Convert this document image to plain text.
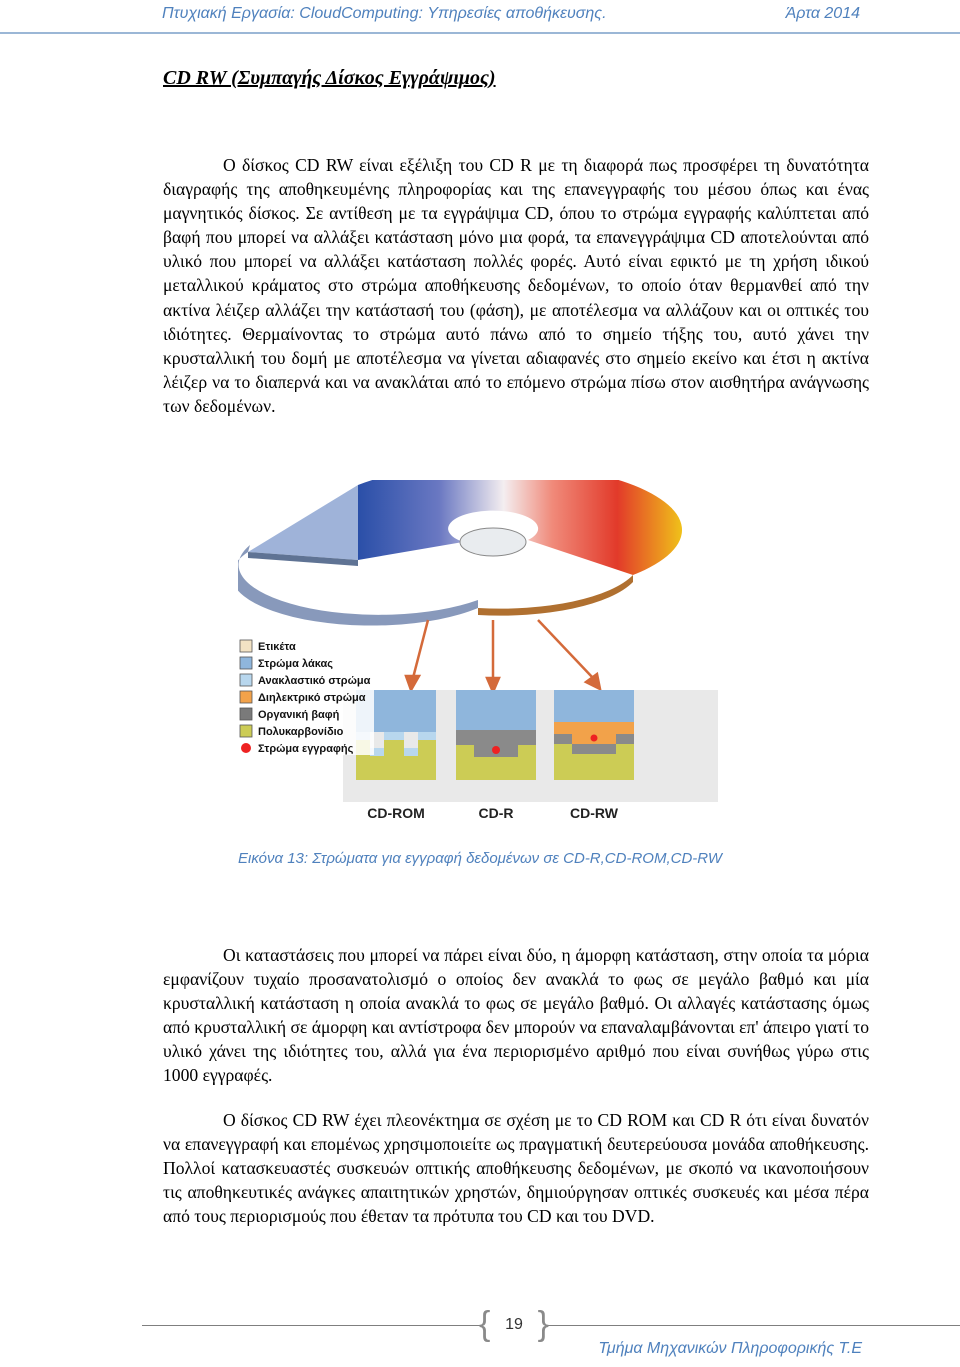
Πτυχιακή Εργασία: CloudComputing: Υπηρεσίες αποθήκευσης.	Άρτα 2014
CD RW (Συμπαγής Δίσκος Εγγράψιμος)

Ο δίσκος CD RW είναι εξέλιξη του CD R με τη διαφορά πως προσφέρει τη δυνατότητα διαγραφής της αποθηκευμένης πληροφορίας και της επανεγγραφής του μέσου όπως και ένας μαγνητικός δίσκος. Σε αντίθεση με τα εγγράψιμα CD, όπου το στρώμα εγγραφής καλύπτεται από βαφή που μπορεί να αλλάξει κατάσταση μόνο μια φορά, τα επανεγγράψιμα CD αποτελούνται από υλικό που μπορεί να αλλάξει κατάσταση πολλές φορές. Αυτό είναι εφικτό με τη χρήση ιδικού μεταλλικού κράματος στο στρώμα αποθήκευσης δεδομένων, το οποίο όταν θερμανθεί από την ακτίνα λέιζερ αλλάζει την κατάστασή του (φάση), με αποτέλεσμα να αλλάζουν και οι οπτικές του ιδιότητες. Θερμαίνοντας το στρώμα αυτό πάνω από το σημείο τήξης του, αυτό χάνει την κρυσταλλική του δομή με αποτέλεσμα να γίνεται αδιαφανές στο σημείο εκείνο και έτσι η ακτίνα λέιζερ να το διαπερνά και να ανακλάται από το επόμενο στρώμα πίσω στον αισθητήρα ανάγνωσης των δεδομένων.

Ετικέτα
Στρώμα λάκας
Ανακλαστικό στρώμα
Διηλεκτρικό στρώμα
Οργανική βαφή
Πολυκαρβονίδιο
Στρώμα εγγραφής
CD-ROM	CD-R	CD-RW
Εικόνα 13: Στρώματα για εγγραφή δεδομένων σε CD-R,CD-ROM,CD-RW

Οι καταστάσεις που μπορεί να πάρει είναι δύο, η άμορφη κατάσταση, στην οποία τα μόρια εμφανίζουν τυχαίο προσανατολισμό ο οποίος δεν ανακλά το φως σε μεγάλο βαθμό και μία κρυσταλλική κατάσταση η οποία ανακλά το φως σε μεγάλο βαθμό. Οι αλλαγές κατάστασης όμως από κρυσταλλική σε άμορφη και αντίστροφα δεν μπορούν να επαναλαμβάνονται επ' άπειρο γιατί το υλικό χάνει της ιδιότητες του, αλλά για ένα περιορισμένο αριθμό που είναι συνήθως γύρω στις 1000 εγγραφές.

Ο δίσκος CD RW έχει πλεονέκτημα σε σχέση με το CD ROM και CD R ότι είναι δυνατόν να επανεγγραφή και επομένως χρησιμοποιείτε ως πραγματική δευτερεύουσα μονάδα αποθήκευσης. Πολλοί κατασκευαστές συσκευών οπτικής αποθήκευσης δεδομένων, με σκοπό να ικανοποιήσουν τις αποθηκευτικές ανάγκες απαιτητικών χρηστών, δημιούργησαν οπτικές συσκευές και μέσα πέρα από τους περιορισμούς που έθεταν τα πρότυπα του CD και του DVD.

{ 19 }
Τμήμα Μηχανικών Πληροφορικής Τ.Ε
